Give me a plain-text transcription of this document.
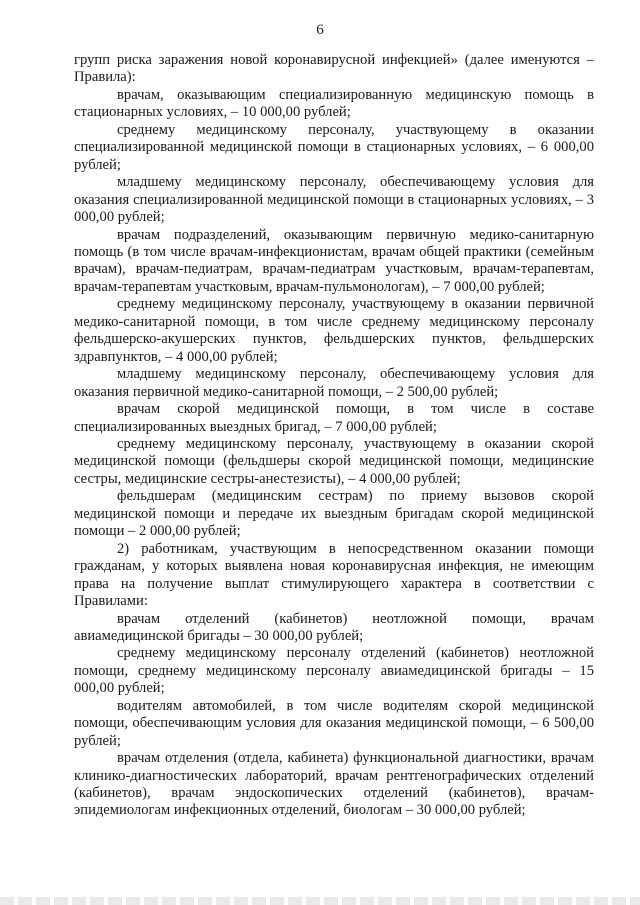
6

групп риска заражения новой коронавирусной инфекцией» (далее именуются – Правила):

врачам, оказывающим специализированную медицинскую помощь в стационарных условиях, – 10 000,00 рублей;

среднему медицинскому персоналу, участвующему в оказании специализированной медицинской помощи в стационарных условиях, – 6 000,00 рублей;

младшему медицинскому персоналу, обеспечивающему условия для оказания специализированной медицинской помощи в стационарных условиях, – 3 000,00 рублей;

врачам подразделений, оказывающим первичную медико-санитарную помощь (в том числе врачам-инфекционистам, врачам общей практики (семейным врачам), врачам-педиатрам, врачам-педиатрам участковым, врачам-терапевтам, врачам-терапевтам участковым, врачам-пульмонологам), – 7 000,00 рублей;

среднему медицинскому персоналу, участвующему в оказании первичной медико-санитарной помощи, в том числе среднему медицинскому персоналу фельдшерско-акушерских пунктов, фельдшерских пунктов, фельдшерских здравпунктов, – 4 000,00 рублей;

младшему медицинскому персоналу, обеспечивающему условия для оказания первичной медико-санитарной помощи, – 2 500,00 рублей;

врачам скорой медицинской помощи, в том числе в составе специализированных выездных бригад, – 7 000,00 рублей;

среднему медицинскому персоналу, участвующему в оказании скорой медицинской помощи (фельдшеры скорой медицинской помощи, медицинские сестры, медицинские сестры-анестезисты), – 4 000,00 рублей;

фельдшерам (медицинским сестрам) по приему вызовов скорой медицинской помощи и передаче их выездным бригадам скорой медицинской помощи – 2 000,00 рублей;

2) работникам, участвующим в непосредственном оказании помощи гражданам, у которых выявлена новая коронавирусная инфекция, не имеющим права на получение выплат стимулирующего характера в соответствии с Правилами:

врачам отделений (кабинетов) неотложной помощи, врачам авиамедицинской бригады – 30 000,00 рублей;

среднему медицинскому персоналу отделений (кабинетов) неотложной помощи, среднему медицинскому персоналу авиамедицинской бригады – 15 000,00 рублей;

водителям автомобилей, в том числе водителям скорой медицинской помощи, обеспечивающим условия для оказания медицинской помощи, – 6 500,00 рублей;

врачам отделения (отдела, кабинета) функциональной диагностики, врачам клинико-диагностических лабораторий, врачам рентгенографических отделений (кабинетов), врачам эндоскопических отделений (кабинетов), врачам-эпидемиологам инфекционных отделений, биологам – 30 000,00 рублей;
